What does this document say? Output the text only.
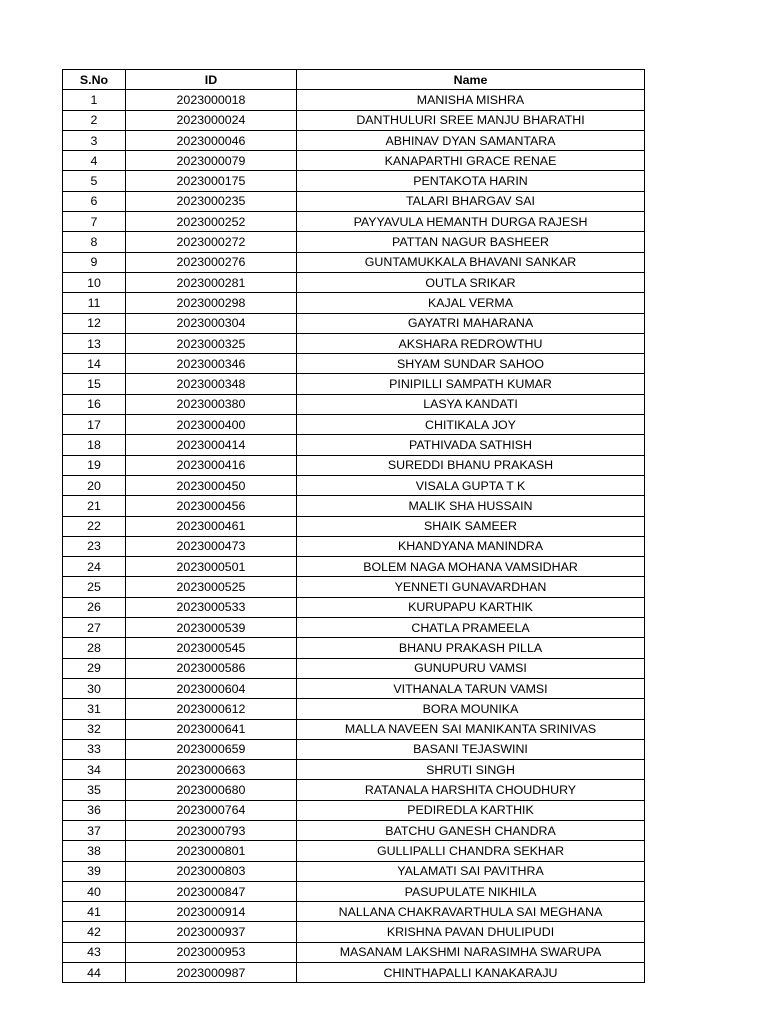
S.No	ID	Name
1	2023000018	MANISHA MISHRA
2	2023000024	DANTHULURI SREE MANJU BHARATHI
3	2023000046	ABHINAV DYAN SAMANTARA
4	2023000079	KANAPARTHI GRACE RENAE
5	2023000175	PENTAKOTA HARIN
6	2023000235	TALARI BHARGAV SAI
7	2023000252	PAYYAVULA HEMANTH DURGA RAJESH
8	2023000272	PATTAN NAGUR BASHEER
9	2023000276	GUNTAMUKKALA BHAVANI SANKAR
10	2023000281	OUTLA SRIKAR
11	2023000298	KAJAL VERMA
12	2023000304	GAYATRI MAHARANA
13	2023000325	AKSHARA REDROWTHU
14	2023000346	SHYAM SUNDAR SAHOO
15	2023000348	PINIPILLI SAMPATH KUMAR
16	2023000380	LASYA KANDATI
17	2023000400	CHITIKALA JOY
18	2023000414	PATHIVADA SATHISH
19	2023000416	SUREDDI BHANU PRAKASH
20	2023000450	VISALA GUPTA T K
21	2023000456	MALIK SHA HUSSAIN
22	2023000461	SHAIK SAMEER
23	2023000473	KHANDYANA MANINDRA
24	2023000501	BOLEM NAGA MOHANA VAMSIDHAR
25	2023000525	YENNETI GUNAVARDHAN
26	2023000533	KURUPAPU KARTHIK
27	2023000539	CHATLA PRAMEELA
28	2023000545	BHANU PRAKASH PILLA
29	2023000586	GUNUPURU VAMSI
30	2023000604	VITHANALA TARUN VAMSI
31	2023000612	BORA MOUNIKA
32	2023000641	MALLA NAVEEN SAI MANIKANTA SRINIVAS
33	2023000659	BASANI TEJASWINI
34	2023000663	SHRUTI SINGH
35	2023000680	RATANALA HARSHITA CHOUDHURY
36	2023000764	PEDIREDLA KARTHIK
37	2023000793	BATCHU GANESH CHANDRA
38	2023000801	GULLIPALLI CHANDRA SEKHAR
39	2023000803	YALAMATI SAI PAVITHRA
40	2023000847	PASUPULATE NIKHILA
41	2023000914	NALLANA CHAKRAVARTHULA SAI MEGHANA
42	2023000937	KRISHNA PAVAN DHULIPUDI
43	2023000953	MASANAM LAKSHMI NARASIMHA SWARUPA
44	2023000987	CHINTHAPALLI KANAKARAJU
